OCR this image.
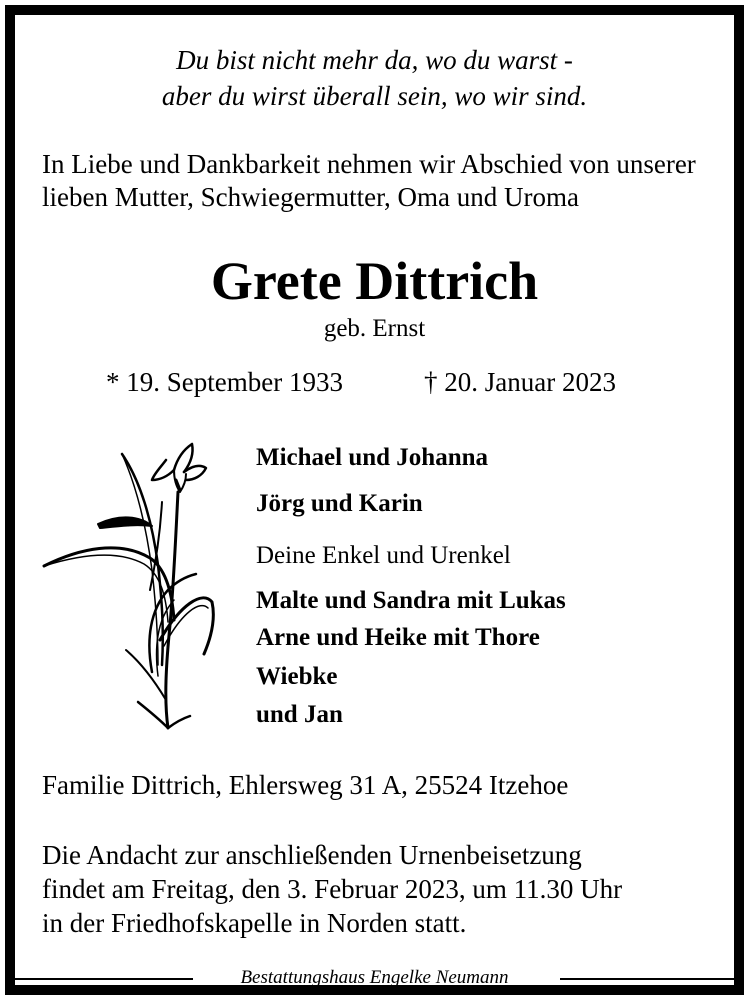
Du bist nicht mehr da, wo du warst -
aber du wirst überall sein, wo wir sind.
In Liebe und Dankbarkeit nehmen wir Abschied von unserer lieben Mutter, Schwiegermutter, Oma und Uroma
Grete Dittrich
geb. Ernst
* 19. September 1933	† 20. Januar 2023
Michael und Johanna
Jörg und Karin
Deine Enkel und Urenkel
Malte und Sandra mit Lukas
Arne und Heike mit Thore
Wiebke
und Jan
Familie Dittrich, Ehlersweg 31 A, 25524 Itzehoe
Die Andacht zur anschließenden Urnenbeisetzung
findet am Freitag, den 3. Februar 2023, um 11.30 Uhr
in der Friedhofskapelle in Norden statt.
Bestattungshaus Engelke Neumann
